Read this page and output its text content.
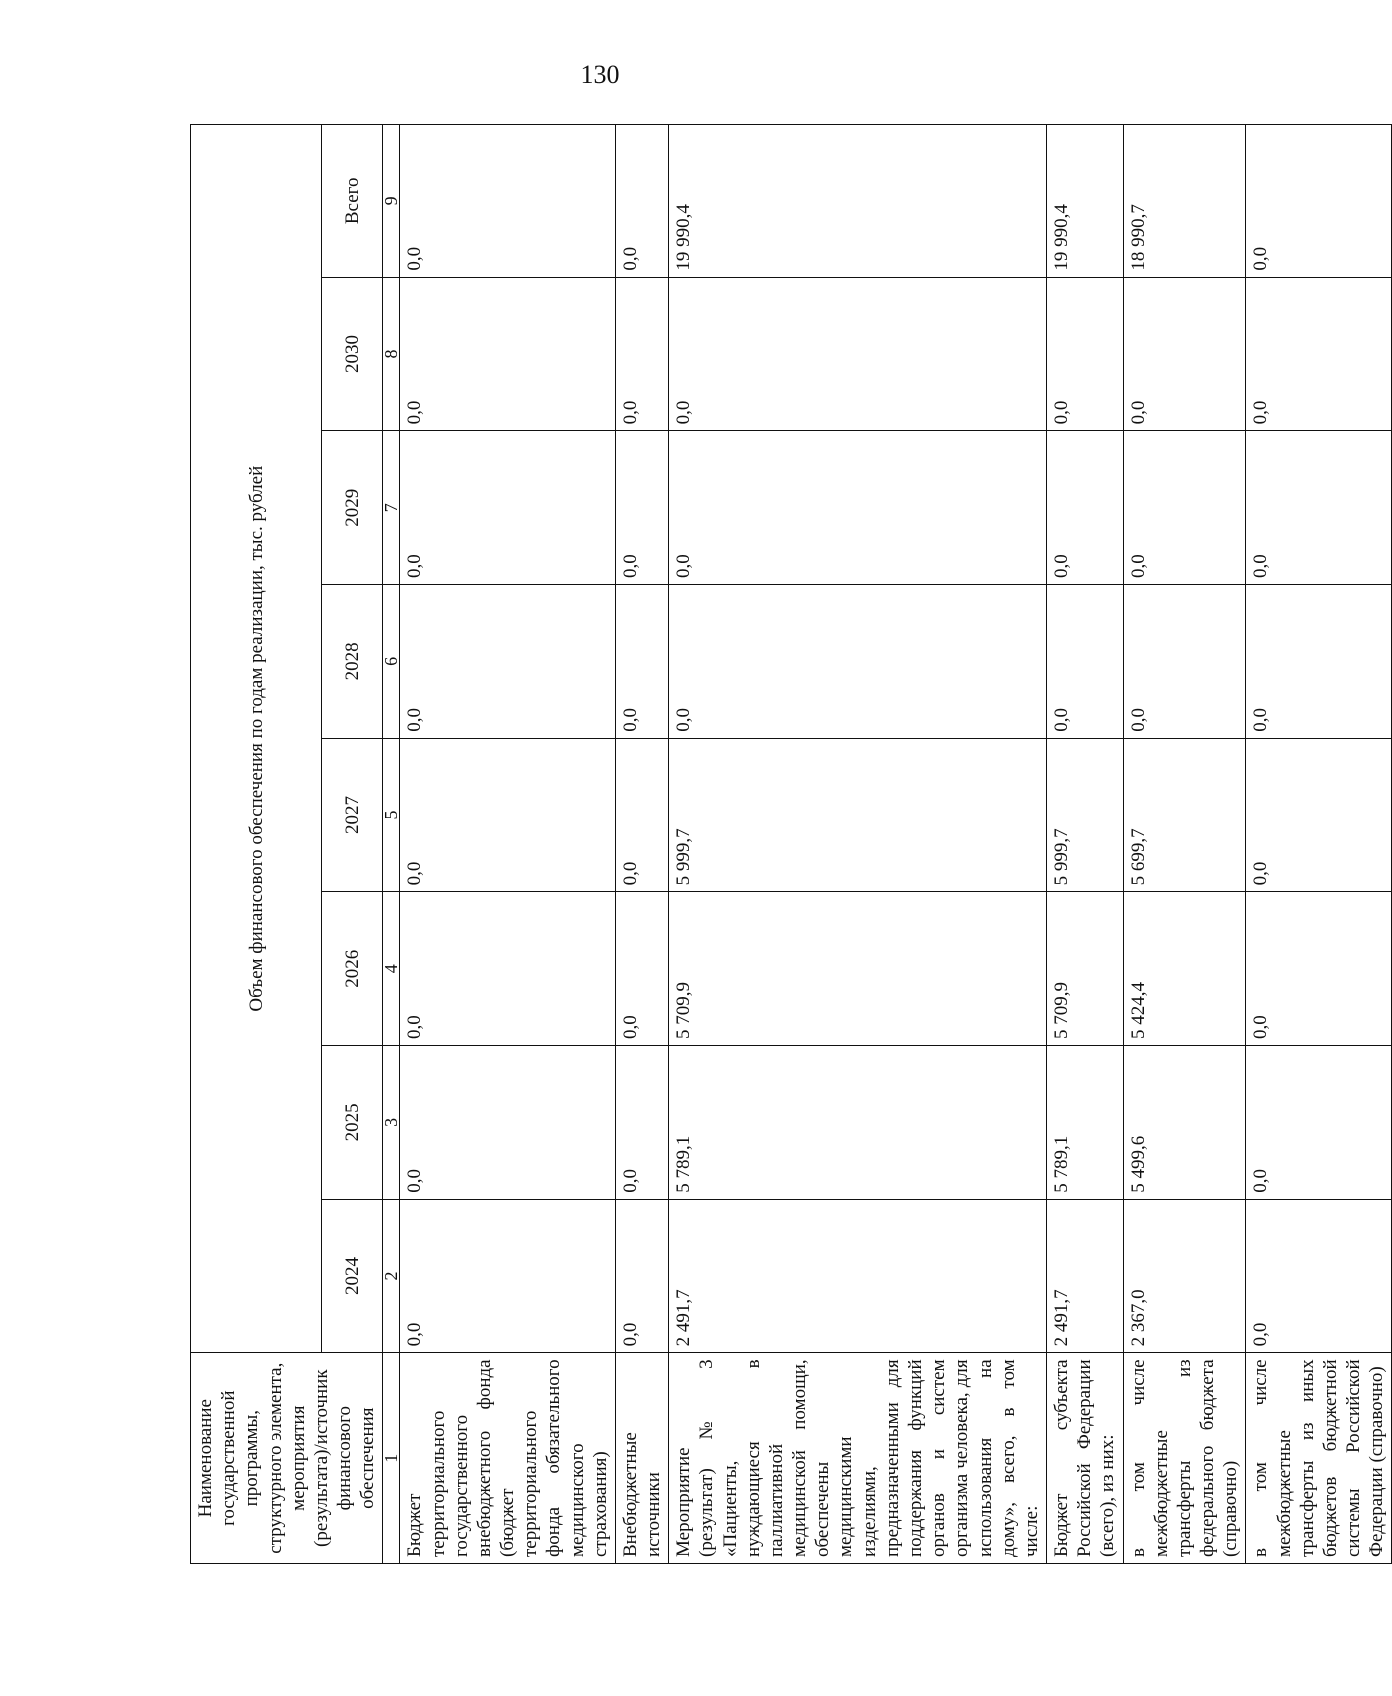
130
Наименование государственной программы, структурного элемента, мероприятия (результата)/источник финансового обеспечения	Объем финансового обеспечения по годам реализации, тыс. рублей							
	2024	2025	2026	2027	2028	2029	2030	Всего
1	2	3	4	5	6	7	8	9
Бюджет территориального государственного внебюджетного фонда (бюджет территориального фонда обязательного медицинского страхования)	0,0	0,0	0,0	0,0	0,0	0,0	0,0	0,0
Внебюджетные источники	0,0	0,0	0,0	0,0	0,0	0,0	0,0	0,0
Мероприятие (результат) № 3 «Пациенты, нуждающиеся в паллиативной медицинской помощи, обеспечены медицинскими изделиями, предназначенными для поддержания функций органов и систем организма человека, для использования на дому», всего, в том числе:	2 491,7	5 789,1	5 709,9	5 999,7	0,0	0,0	0,0	19 990,4
Бюджет субъекта Российской Федерации (всего), из них:	2 491,7	5 789,1	5 709,9	5 999,7	0,0	0,0	0,0	19 990,4
в том числе межбюджетные трансферты из федерального бюджета (справочно)	2 367,0	5 499,6	5 424,4	5 699,7	0,0	0,0	0,0	18 990,7
в том числе межбюджетные трансферты из иных бюджетов бюджетной системы Российской Федерации (справочно)	0,0	0,0	0,0	0,0	0,0	0,0	0,0	0,0
